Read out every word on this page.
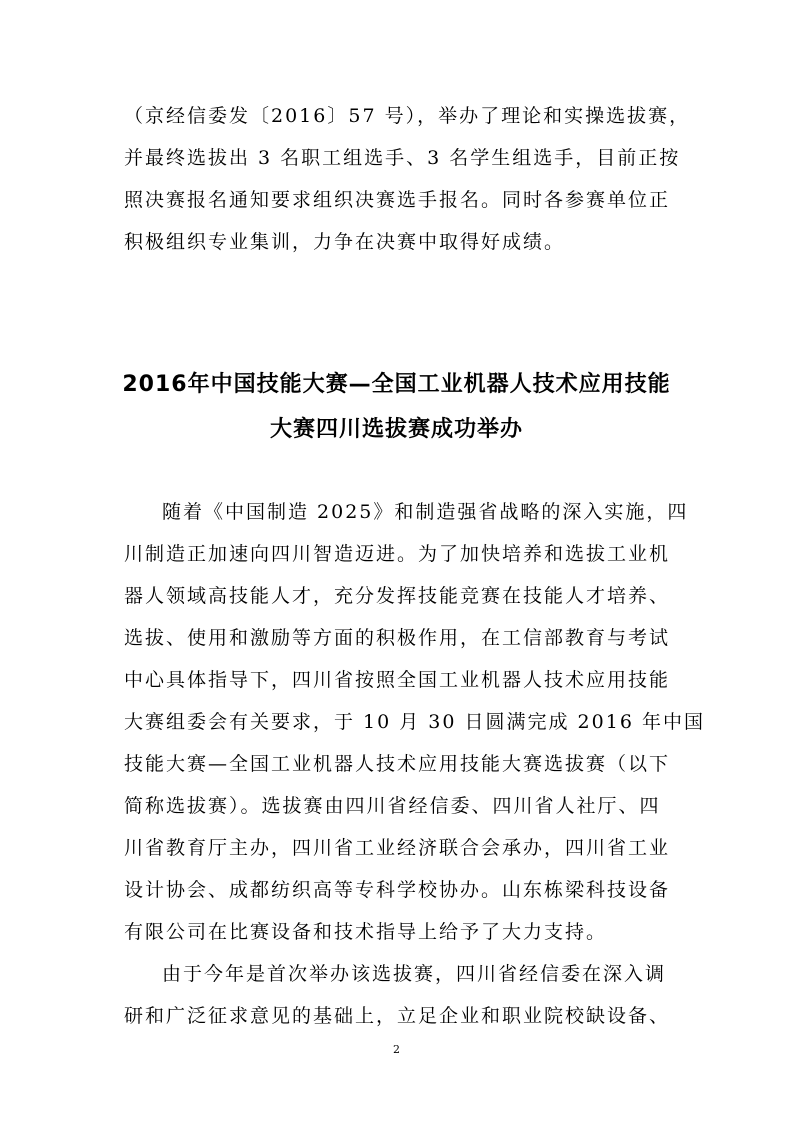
（京经信委发〔2016〕57 号），举办了理论和实操选拔赛，
并最终选拔出 3 名职工组选手、3 名学生组选手，目前正按
照决赛报名通知要求组织决赛选手报名。同时各参赛单位正
积极组织专业集训，力争在决赛中取得好成绩。
2016年中国技能大赛—全国工业机器人技术应用技能
大赛四川选拔赛成功举办
随着《中国制造 2025》和制造强省战略的深入实施，四
川制造正加速向四川智造迈进。为了加快培养和选拔工业机
器人领域高技能人才，充分发挥技能竞赛在技能人才培养、
选拔、使用和激励等方面的积极作用，在工信部教育与考试
中心具体指导下，四川省按照全国工业机器人技术应用技能
大赛组委会有关要求，于 10 月 30 日圆满完成 2016 年中国
技能大赛—全国工业机器人技术应用技能大赛选拔赛（以下
简称选拔赛）。选拔赛由四川省经信委、四川省人社厅、四
川省教育厅主办，四川省工业经济联合会承办，四川省工业
设计协会、成都纺织高等专科学校协办。山东栋梁科技设备
有限公司在比赛设备和技术指导上给予了大力支持。
由于今年是首次举办该选拔赛，四川省经信委在深入调
研和广泛征求意见的基础上，立足企业和职业院校缺设备、
2
